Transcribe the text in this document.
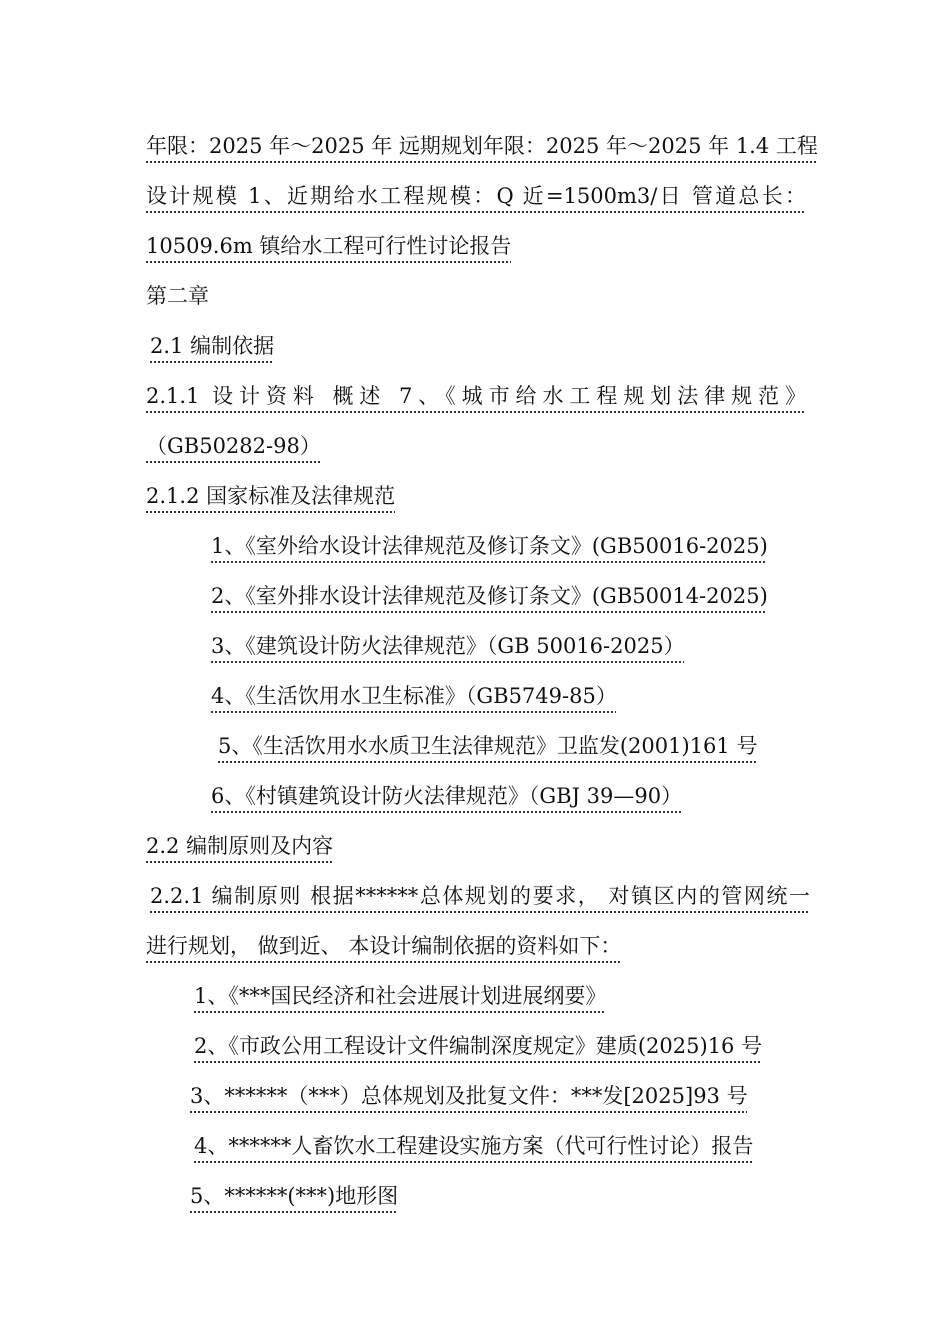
年限：2025 年～2025 年 远期规划年限：2025 年～2025 年 1.4 工程
设计规模 1、近期给水工程规模：Q 近=1500m3/日 管道总长：
10509.6m 镇给水工程可行性讨论报告
第二章
2.1 编制依据
2.1.1 设计资料 概述 7、《城市给水工程规划法律规范》
（GB50282-98）
2.1.2 国家标准及法律规范
1、《室外给水设计法律规范及修订条文》(GB50016-2025)
2、《室外排水设计法律规范及修订条文》(GB50014-2025)
3、《建筑设计防火法律规范》（GB 50016-2025）
4、《生活饮用水卫生标准》（GB5749-85）
5、《生活饮用水水质卫生法律规范》卫监发(2001)161 号
6、《村镇建筑设计防火法律规范》（GBJ 39—90）
2.2 编制原则及内容
2.2.1 编制原则 根据******总体规划的要求， 对镇区内的管网统一
进行规划， 做到近、 本设计编制依据的资料如下：
1、《***国民经济和社会进展计划进展纲要》
2、《市政公用工程设计文件编制深度规定》建质(2025)16 号
3、******（***）总体规划及批复文件：***发[2025]93 号
4、******人畜饮水工程建设实施方案（代可行性讨论）报告
5、******(***)地形图
